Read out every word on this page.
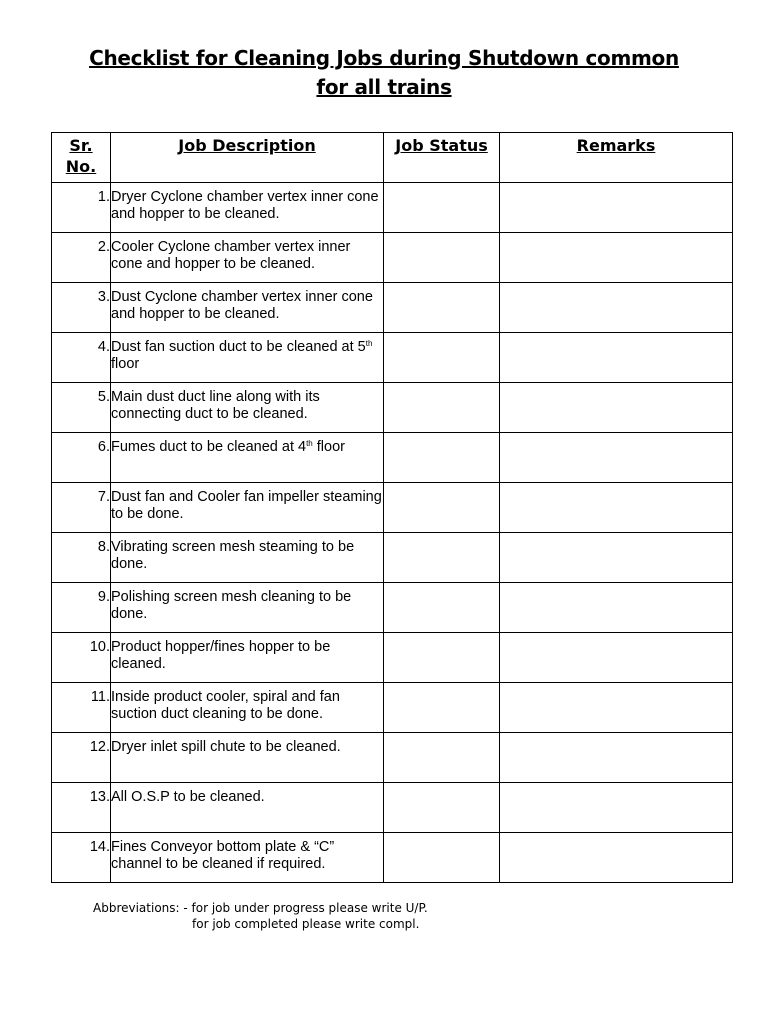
Checklist for Cleaning Jobs during Shutdown common
for all trains
Sr. No.	Job Description	Job Status	Remarks
1.	Dryer Cyclone chamber vertex inner cone and hopper to be cleaned.		
2.	Cooler Cyclone chamber vertex inner cone and hopper to be cleaned.		
3.	Dust Cyclone chamber vertex inner cone and hopper to be cleaned.		
4.	Dust fan suction duct to be cleaned at 5th floor		
5.	Main dust duct line along with its connecting duct to be cleaned.		
6.	Fumes duct to be cleaned at 4th floor		
7.	Dust fan and Cooler fan impeller steaming to be done.		
8.	Vibrating screen mesh steaming to be done.		
9.	Polishing screen mesh cleaning to be done.		
10.	Product hopper/fines hopper to be cleaned.		
11.	Inside product cooler, spiral and fan suction duct cleaning to be done.		
12.	Dryer inlet spill chute to be cleaned.		
13.	All O.S.P to be cleaned.		
14.	Fines Conveyor bottom plate & “C” channel to be cleaned if required.		
Abbreviations: - for job under progress please write U/P.
for job completed please write compl.
